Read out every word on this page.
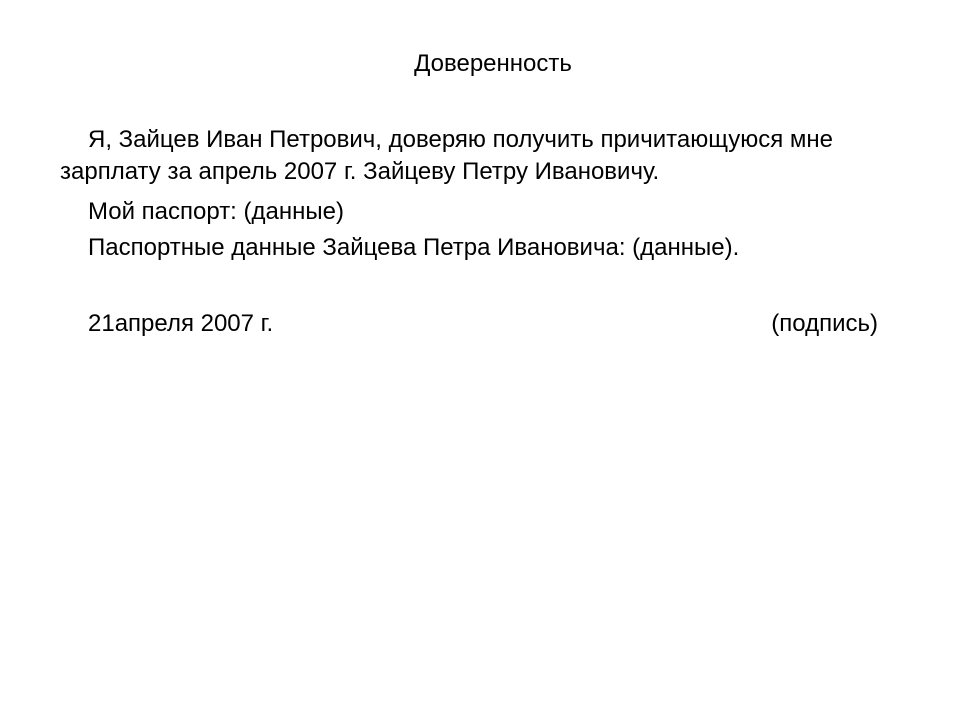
Доверенность

Я, Зайцев Иван Петрович, доверяю получить причитающуюся мне зарплату за апрель 2007 г. Зайцеву Петру Ивановичу.

Мой паспорт: (данные)

Паспортные данные Зайцева Петра Ивановича: (данные).

21апреля 2007 г.	(подпись)
